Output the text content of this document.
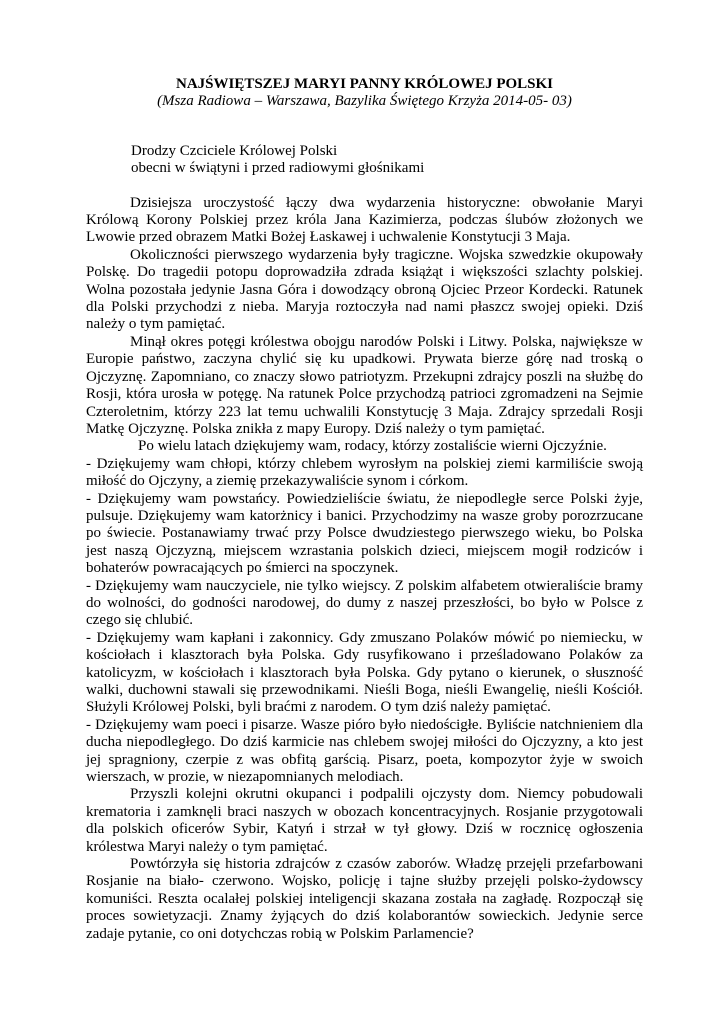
NAJŚWIĘTSZEJ MARYI PANNY KRÓLOWEJ POLSKI

(Msza Radiowa – Warszawa, Bazylika Świętego Krzyża 2014-05- 03)

Drodzy Czciciele Królowej Polski

obecni w świątyni i przed radiowymi głośnikami

Dzisiejsza uroczystość łączy dwa wydarzenia historyczne: obwołanie Maryi Królową Korony Polskiej przez króla Jana Kazimierza, podczas ślubów złożonych we Lwowie przed obrazem Matki Bożej Łaskawej i uchwalenie Konstytucji 3 Maja.

Okoliczności pierwszego wydarzenia były tragiczne. Wojska szwedzkie okupowały Polskę. Do tragedii potopu doprowadziła zdrada książąt i większości szlachty polskiej. Wolna pozostała jedynie Jasna Góra i dowodzący obroną Ojciec Przeor Kordecki. Ratunek dla Polski przychodzi z nieba. Maryja roztoczyła nad nami płaszcz swojej opieki. Dziś należy o tym pamiętać.

Minął okres potęgi królestwa obojgu narodów Polski i Litwy. Polska, największe w Europie państwo, zaczyna chylić się ku upadkowi. Prywata bierze górę nad troską o Ojczyznę. Zapomniano, co znaczy słowo patriotyzm. Przekupni zdrajcy poszli na służbę do Rosji, która urosła w potęgę. Na ratunek Polce przychodzą patrioci zgromadzeni na Sejmie Czteroletnim, którzy 223 lat temu uchwalili Konstytucję 3 Maja. Zdrajcy sprzedali Rosji Matkę Ojczyznę. Polska znikła z mapy Europy. Dziś należy o tym pamiętać.

Po wielu latach dziękujemy wam, rodacy, którzy zostaliście wierni Ojczyźnie.

- Dziękujemy wam chłopi, którzy chlebem wyrosłym na polskiej ziemi karmiliście swoją miłość do Ojczyny, a ziemię przekazywaliście synom i córkom.

- Dziękujemy wam powstańcy. Powiedzieliście światu, że niepodległe serce Polski żyje, pulsuje. Dziękujemy wam katorżnicy i banici. Przychodzimy na wasze groby porozrzucane po świecie. Postanawiamy trwać przy Polsce dwudziestego pierwszego wieku, bo Polska jest naszą Ojczyzną, miejscem wzrastania polskich dzieci, miejscem mogił rodziców i bohaterów powracających po śmierci na spoczynek.

- Dziękujemy wam nauczyciele, nie tylko wiejscy. Z polskim alfabetem otwieraliście bramy do wolności, do godności narodowej, do dumy z naszej przeszłości, bo było w Polsce z czego się chlubić.

- Dziękujemy wam kapłani i zakonnicy. Gdy zmuszano Polaków mówić po niemiecku, w kościołach i klasztorach była Polska. Gdy rusyfikowano i prześladowano Polaków za katolicyzm, w kościołach i klasztorach była Polska. Gdy pytano o kierunek, o słuszność walki, duchowni stawali się przewodnikami. Nieśli Boga, nieśli Ewangelię, nieśli Kościół. Służyli Królowej Polski, byli braćmi z narodem. O tym dziś należy pamiętać.

- Dziękujemy wam poeci i pisarze. Wasze pióro było niedościgłe. Byliście natchnieniem dla ducha niepodległego. Do dziś karmicie nas chlebem swojej miłości do Ojczyzny, a kto jest jej spragniony, czerpie z was obfitą garścią. Pisarz, poeta, kompozytor żyje w swoich wierszach, w prozie, w niezapomnianych melodiach.

Przyszli kolejni okrutni okupanci i podpalili ojczysty dom. Niemcy pobudowali krematoria i zamknęli braci naszych w obozach koncentracyjnych. Rosjanie przygotowali dla polskich oficerów Sybir, Katyń i strzał w tył głowy. Dziś w rocznicę ogłoszenia królestwa Maryi należy o tym pamiętać.

Powtórzyła się historia zdrajców z czasów zaborów. Władzę przejęli przefarbowani Rosjanie na biało- czerwono. Wojsko, policję i tajne służby przejęli polsko-żydowscy komuniści. Reszta ocalałej polskiej inteligencji skazana została na zagładę. Rozpoczął się proces sowietyzacji. Znamy żyjących do dziś kolaborantów sowieckich. Jedynie serce zadaje pytanie, co oni dotychczas robią w Polskim Parlamencie?
